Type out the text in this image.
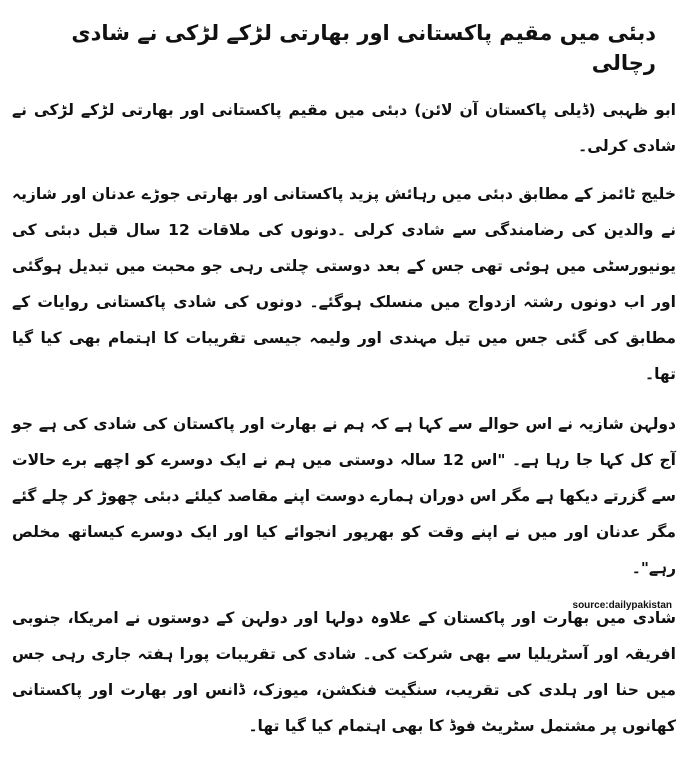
دبئی میں مقیم پاکستانی اور بھارتی لڑکے لڑکی نے شادی رچالی

ابو ظہبی (ڈیلی پاکستان آن لائن) دبئی میں مقیم پاکستانی اور بھارتی لڑکے لڑکی نے شادی کرلی۔

خلیج ٹائمز کے مطابق دبئی میں رہائش پزید پاکستانی اور بھارتی جوڑے عدنان اور شازیہ نے والدین کی رضامندگی سے شادی کرلی ۔دونوں کی ملاقات 12 سال قبل دبئی کی یونیورسٹی میں ہوئی تھی جس کے بعد دوستی چلتی رہی جو محبت میں تبدیل ہوگئی اور اب دونوں رشتہ ازدواج میں منسلک ہوگئے۔ دونوں کی شادی پاکستانی روایات کے مطابق کی گئی جس میں تیل مہندی اور ولیمہ جیسی تقریبات کا اہتمام بھی کیا گیا تھا۔

دولہن شازیہ نے اس حوالے سے کہا ہے کہ ہم نے بھارت اور پاکستان کی شادی کی ہے جو آج کل کہا جا رہا ہے۔ "اس 12 سالہ دوستی میں ہم نے ایک دوسرے کو اچھے برے حالات سے گزرتے دیکھا ہے مگر اس دوران ہمارے دوست اپنے مقاصد کیلئے دبئی چھوڑ کر چلے گئے مگر عدنان اور میں نے اپنے وقت کو بھرپور انجوائے کیا اور ایک دوسرے کیساتھ مخلص رہے"۔

شادی میں بھارت اور پاکستان کے علاوہ دولہا اور دولہن کے دوستوں نے امریکا، جنوبی افریقہ اور آسٹریلیا سے بھی شرکت کی۔ شادی کی تقریبات پورا ہفتہ جاری رہی جس میں حنا اور ہلدی کی تقریب، سنگیت فنکشن، میوزک، ڈانس اور بھارت اور پاکستانی کھانوں پر مشتمل سٹریٹ فوڈ کا بھی اہتمام کیا گیا تھا۔

source:dailypakistan
